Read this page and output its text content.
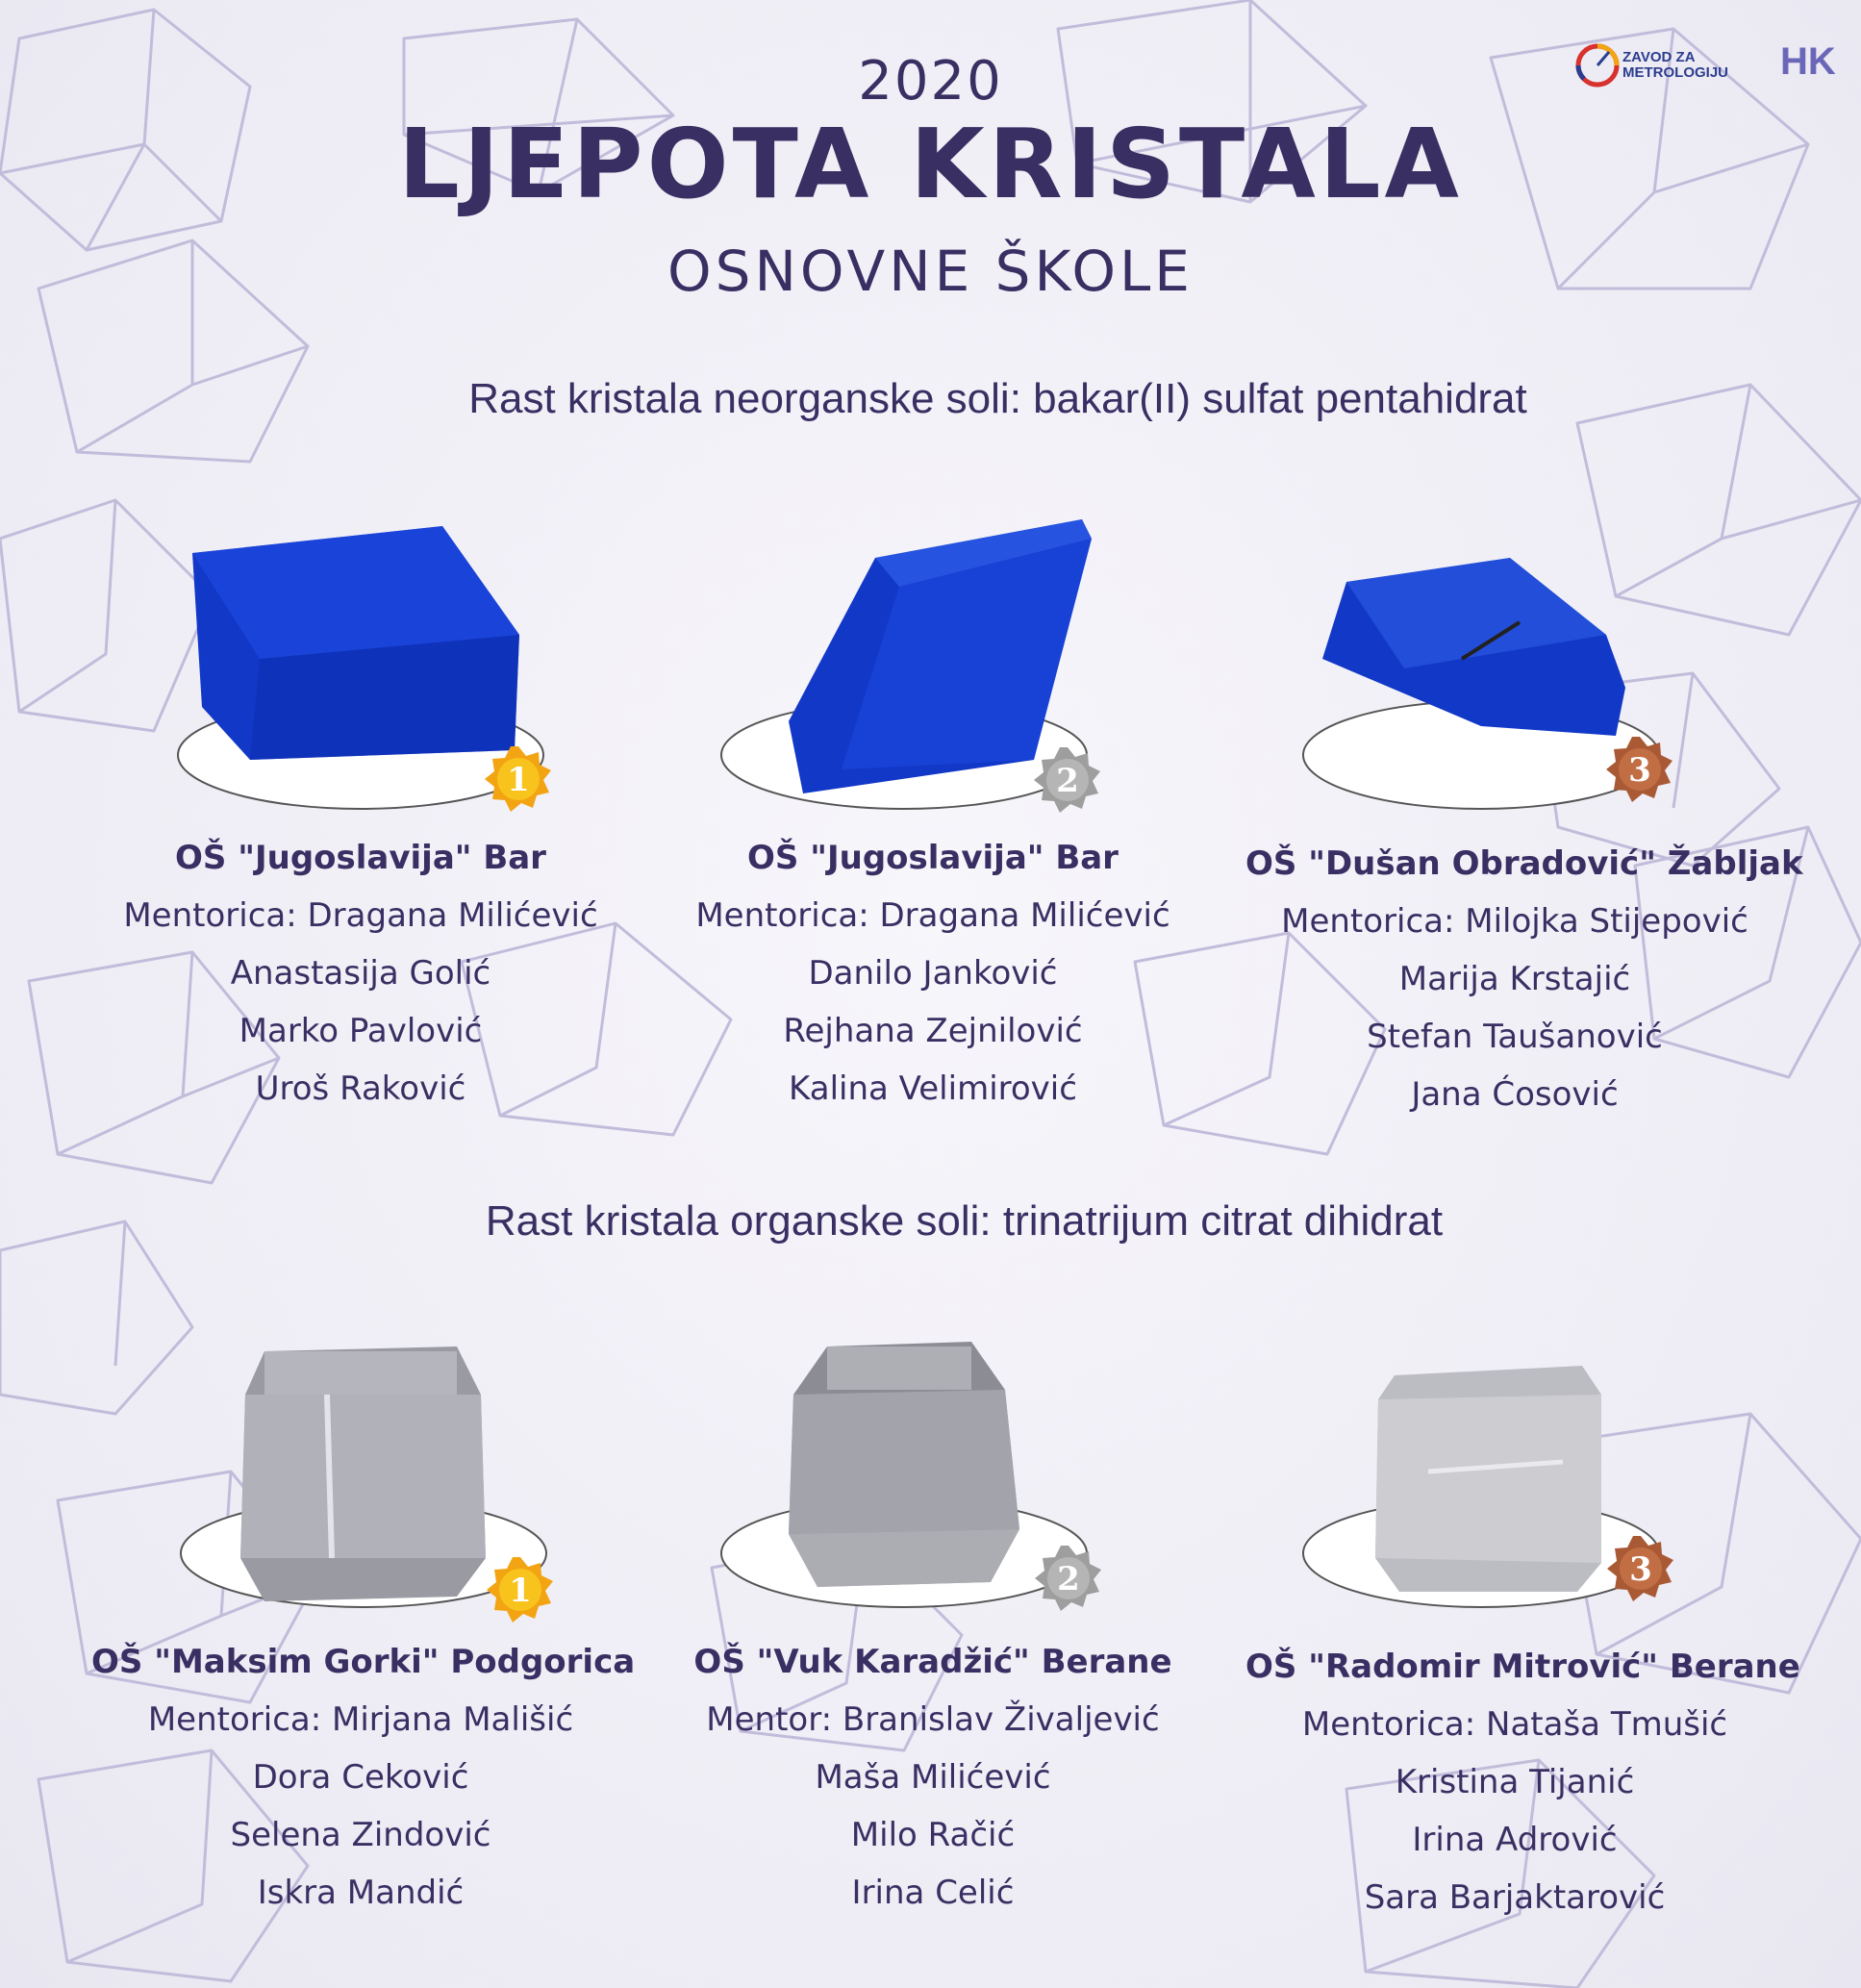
2020
LJEPOTA KRISTALA
OSNOVNE ŠKOLE
ZAVOD ZA
METROLOGIJU HK
Rast kristala neorganske soli: bakar(II) sulfat pentahidrat
Rast kristala organske soli: trinatrijum citrat dihidrat
1	2	3
OŠ "Jugoslavija" Bar
Mentorica: Dragana Milićević
Anastasija Golić
Marko Pavlović
Uroš Raković
OŠ "Jugoslavija" Bar
Mentorica: Dragana Milićević
Danilo Janković
Rejhana Zejnilović
Kalina Velimirović
OŠ "Dušan Obradović" Žabljak
Mentorica: Milojka Stijepović
Marija Krstajić
Stefan Taušanović
Jana Ćosović
1	2	3
OŠ "Maksim Gorki" Podgorica
Mentorica: Mirjana Mališić
Dora Ceković
Selena Zindović
Iskra Mandić
OŠ "Vuk Karadžić" Berane
Mentor: Branislav Živaljević
Maša Milićević
Milo Račić
Irina Celić
OŠ "Radomir Mitrović" Berane
Mentorica: Nataša Tmušić
Kristina Tijanić
Irina Adrović
Sara Barjaktarović
